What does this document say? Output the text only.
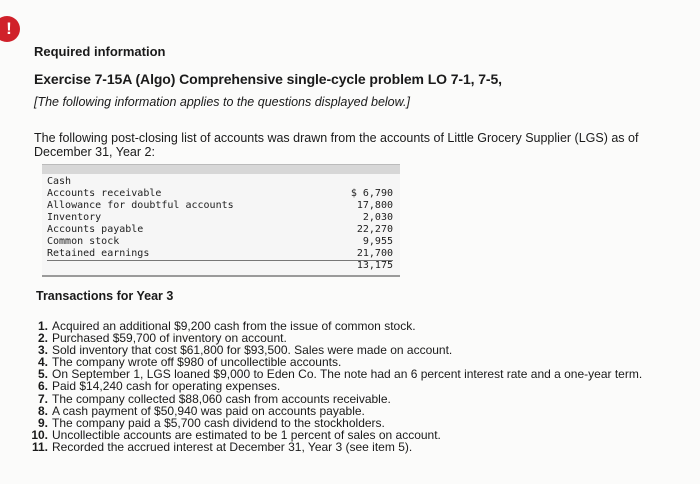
!
Required information
Exercise 7-15A (Algo) Comprehensive single-cycle problem LO 7-1, 7-5,
[The following information applies to the questions displayed below.]
The following post-closing list of accounts was drawn from the accounts of Little Grocery Supplier (LGS) as of December 31, Year 2:
Cash
Accounts receivable	$ 6,790
Allowance for doubtful accounts	17,800
Inventory	2,030
Accounts payable	22,270
Common stock	9,955
Retained earnings	21,700
13,175
Transactions for Year 3
1. Acquired an additional $9,200 cash from the issue of common stock.
2. Purchased $59,700 of inventory on account.
3. Sold inventory that cost $61,800 for $93,500. Sales were made on account.
4. The company wrote off $980 of uncollectible accounts.
5. On September 1, LGS loaned $9,000 to Eden Co. The note had an 6 percent interest rate and a one-year term.
6. Paid $14,240 cash for operating expenses.
7. The company collected $88,060 cash from accounts receivable.
8. A cash payment of $50,940 was paid on accounts payable.
9. The company paid a $5,700 cash dividend to the stockholders.
10. Uncollectible accounts are estimated to be 1 percent of sales on account.
11. Recorded the accrued interest at December 31, Year 3 (see item 5).
